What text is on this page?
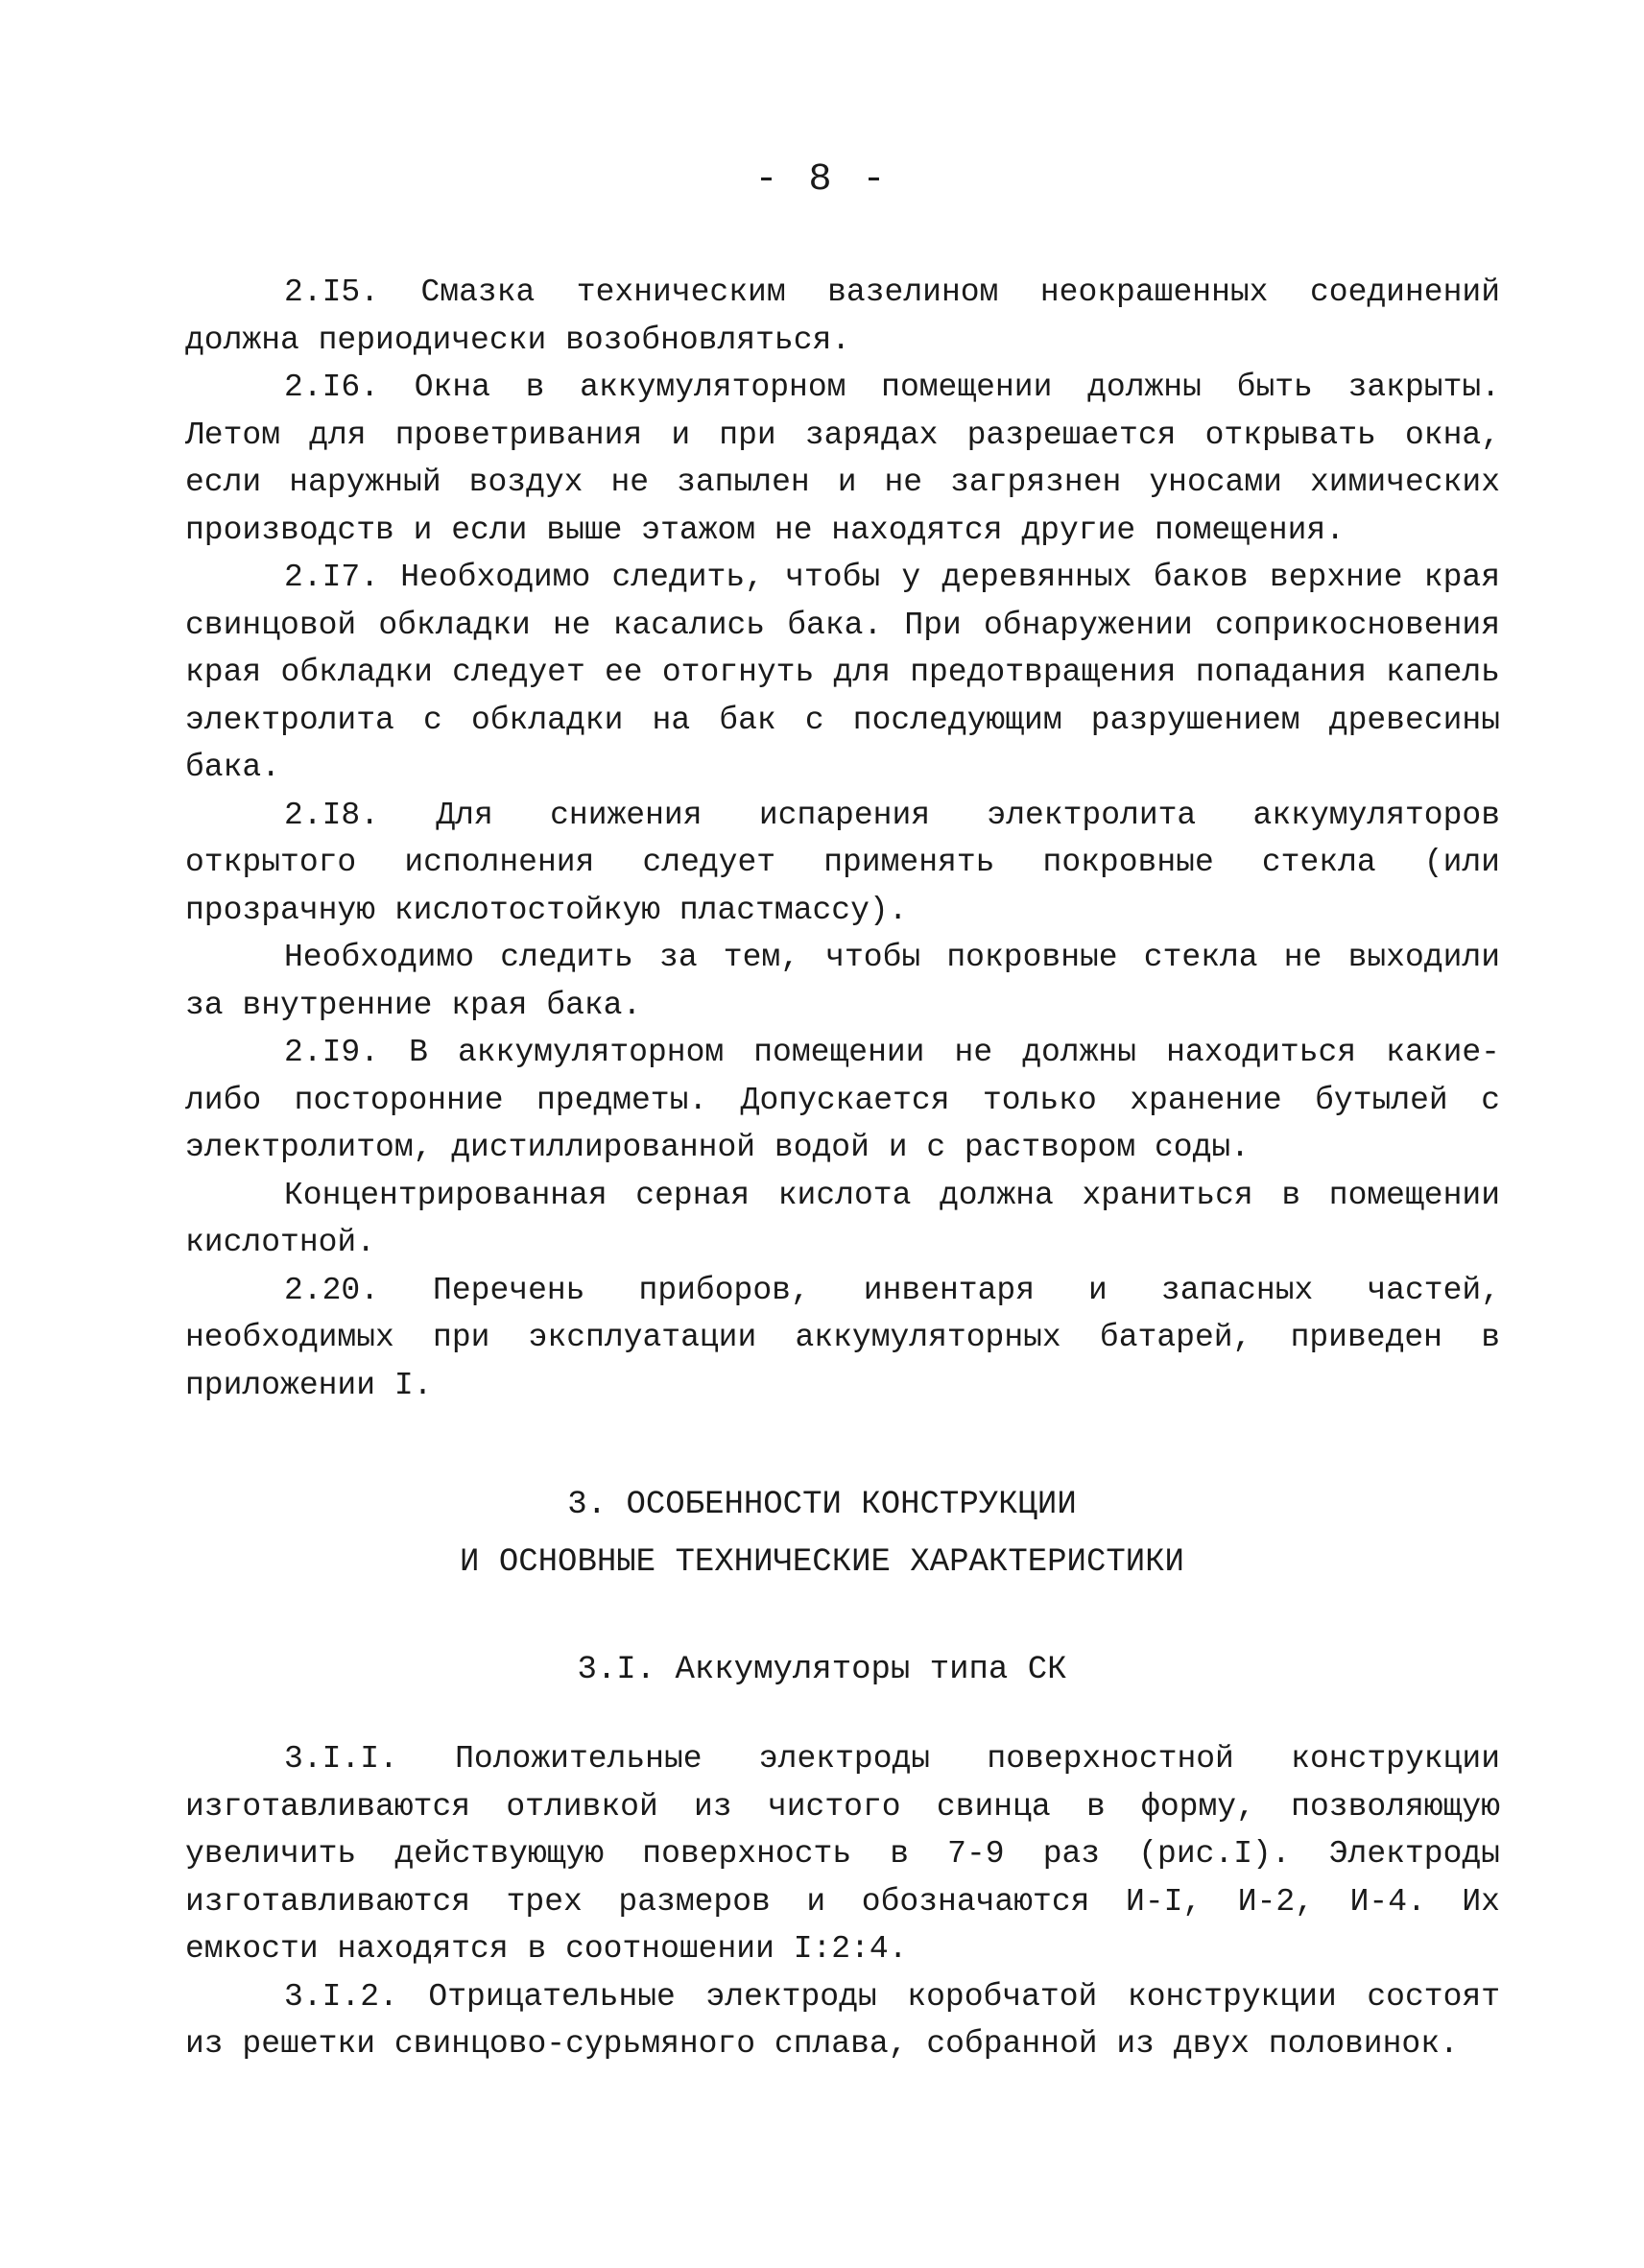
- 8 -

2.I5. Смазка техническим вазелином неокрашенных соединений должна периодически возобновляться.

2.I6. Окна в аккумуляторном помещении должны быть закрыты. Летом для проветривания и при зарядах разрешается открывать окна, если наружный воздух не запылен и не загрязнен уносами химических производств и если выше этажом не находятся другие помещения.

2.I7. Необходимо следить, чтобы у деревянных баков верхние края свинцовой обкладки не касались бака. При обнаружении соприкосновения края обкладки следует ее отогнуть для предотвращения попадания капель электролита с обкладки на бак с последующим разрушением древесины бака.

2.I8. Для снижения испарения электролита аккумуляторов открытого исполнения следует применять покровные стекла (или прозрачную кислотостойкую пластмассу).

Необходимо следить за тем, чтобы покровные стекла не выходили за внутренние края бака.

2.I9. В аккумуляторном помещении не должны находиться какие-либо посторонние предметы. Допускается только хранение бутылей с электролитом, дистиллированной водой и с раствором соды.

Концентрированная серная кислота должна храниться в помещении кислотной.

2.20. Перечень приборов, инвентаря и запасных частей, необходимых при эксплуатации аккумуляторных батарей, приведен в приложении I.

3. ОСОБЕННОСТИ КОНСТРУКЦИИ
И ОСНОВНЫЕ ТЕХНИЧЕСКИЕ ХАРАКТЕРИСТИКИ
3.I. Аккумуляторы типа СК

3.I.I. Положительные электроды поверхностной конструкции изготавливаются отливкой из чистого свинца в форму, позволяющую увеличить действующую поверхность в 7-9 раз (рис.I). Электроды изготавливаются трех размеров и обозначаются И-I, И-2, И-4. Их емкости находятся в соотношении I:2:4.

3.I.2. Отрицательные электроды коробчатой конструкции состоят из решетки свинцово-сурьмяного сплава, собранной из двух половинок.
